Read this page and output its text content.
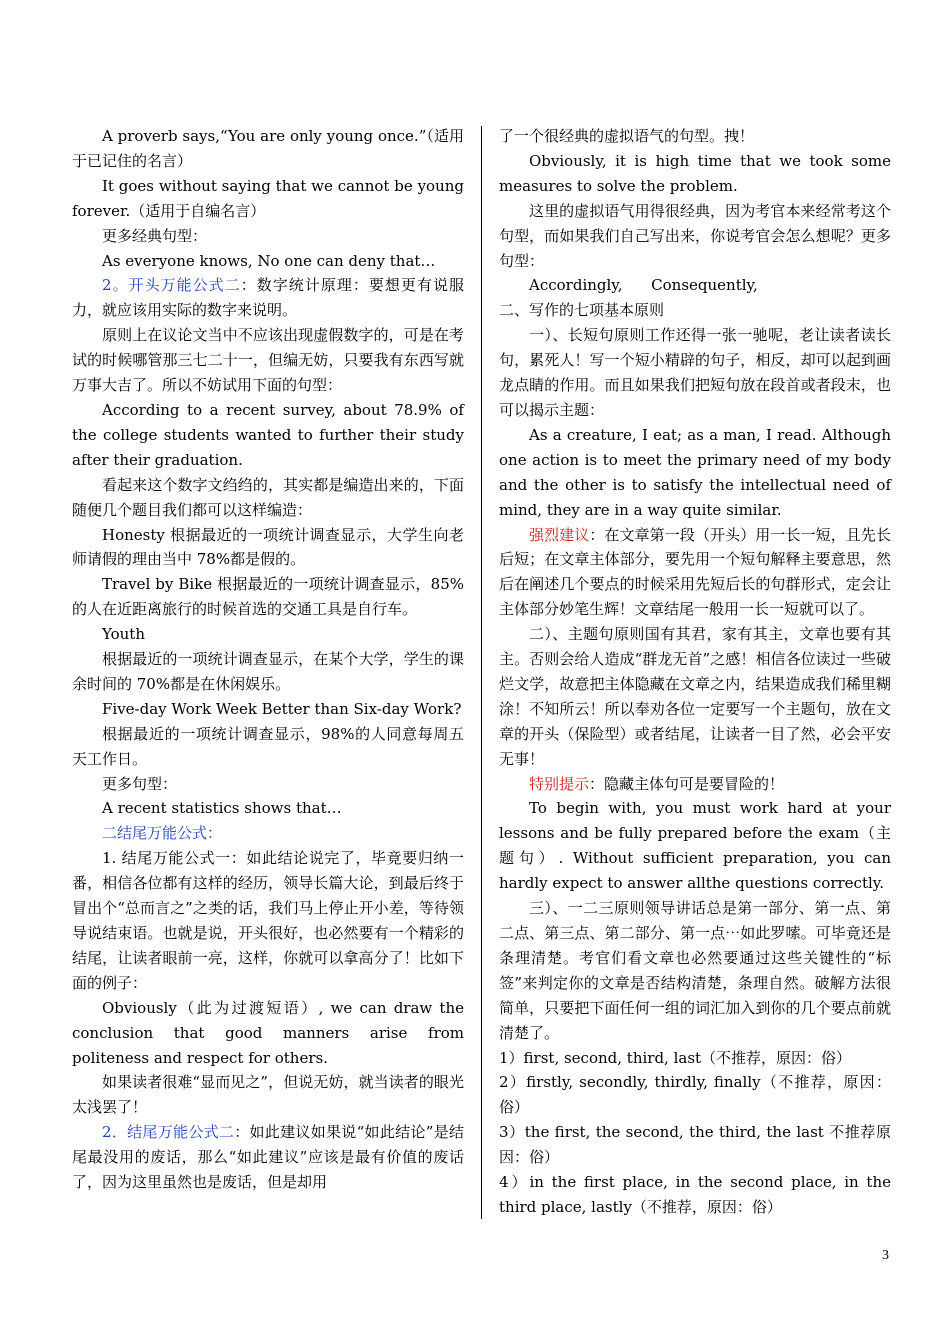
A proverb says,“You are only young once.”（适用于已记住的名言）

It goes without saying that we cannot be young forever.（适用于自编名言）

更多经典句型：

As everyone knows, No one can deny that…

2。开头万能公式二：数字统计原理：要想更有说服力，就应该用实际的数字来说明。

原则上在议论文当中不应该出现虚假数字的，可是在考试的时候哪管那三七二十一，但编无妨，只要我有东西写就万事大吉了。所以不妨试用下面的句型：

According to a recent survey, about 78.9% of the college students wanted to further their study after their graduation.

看起来这个数字文绉绉的，其实都是编造出来的，下面随便几个题目我们都可以这样编造：

Honesty 根据最近的一项统计调查显示，大学生向老师请假的理由当中 78%都是假的。

Travel by Bike 根据最近的一项统计调查显示，85%的人在近距离旅行的时候首选的交通工具是自行车。

Youth

根据最近的一项统计调查显示，在某个大学，学生的课余时间的 70%都是在休闲娱乐。

Five-day Work Week Better than Six-day Work?

根据最近的一项统计调查显示，98%的人同意每周五天工作日。

更多句型：

A recent statistics shows that…

二结尾万能公式：

1. 结尾万能公式一：如此结论说完了，毕竟要归纳一番，相信各位都有这样的经历，领导长篇大论，到最后终于冒出个“总而言之”之类的话，我们马上停止开小差，等待领导说结束语。也就是说，开头很好，也必然要有一个精彩的结尾，让读者眼前一亮，这样，你就可以拿高分了！比如下面的例子：

Obviously（此为过渡短语）, we can draw the conclusion that good manners arise from politeness and respect for others.

如果读者很难“显而见之”，但说无妨，就当读者的眼光太浅罢了！

2．结尾万能公式二：如此建议如果说“如此结论”是结尾最没用的废话，那么“如此建议”应该是最有价值的废话了，因为这里虽然也是废话，但是却用

了一个很经典的虚拟语气的句型。拽！

Obviously, it is high time that we took some measures to solve the problem.

这里的虚拟语气用得很经典，因为考官本来经常考这个句型，而如果我们自己写出来，你说考官会怎么想呢？更多句型：

Accordingly,      Consequently,

二、写作的七项基本原则

一）、长短句原则工作还得一张一驰呢，老让读者读长句，累死人！写一个短小精辟的句子，相反，却可以起到画龙点睛的作用。而且如果我们把短句放在段首或者段末，也可以揭示主题：

As a creature, I eat; as a man, I read. Although one action is to meet the primary need of my body and the other is to satisfy the intellectual need of mind, they are in a way quite similar.

强烈建议：在文章第一段（开头）用一长一短，且先长后短；在文章主体部分，要先用一个短句解释主要意思，然后在阐述几个要点的时候采用先短后长的句群形式，定会让主体部分妙笔生辉！文章结尾一般用一长一短就可以了。

二）、主题句原则国有其君，家有其主，文章也要有其主。否则会给人造成“群龙无首”之感！相信各位读过一些破烂文学，故意把主体隐藏在文章之内，结果造成我们稀里糊涂！不知所云！所以奉劝各位一定要写一个主题句，放在文章的开头（保险型）或者结尾，让读者一目了然，必会平安无事！

特别提示：隐藏主体句可是要冒险的！

To begin with, you must work hard at your lessons and be fully prepared before the exam（主题句）. Without sufficient preparation, you can hardly expect to answer allthe questions correctly.

三）、一二三原则领导讲话总是第一部分、第一点、第二点、第三点、第二部分、第一点⋯如此罗嗦。可毕竟还是条理清楚。考官们看文章也必然要通过这些关键性的“标签”来判定你的文章是否结构清楚，条理自然。破解方法很简单，只要把下面任何一组的词汇加入到你的几个要点前就清楚了。

1）first, second, third, last（不推荐，原因：俗）

2）firstly, secondly, thirdly, finally（不推荐，原因：俗）

3）the first, the second, the third, the last 不推荐原因：俗）

4）in the first place, in the second place, in the third place, lastly（不推荐，原因：俗）

3
